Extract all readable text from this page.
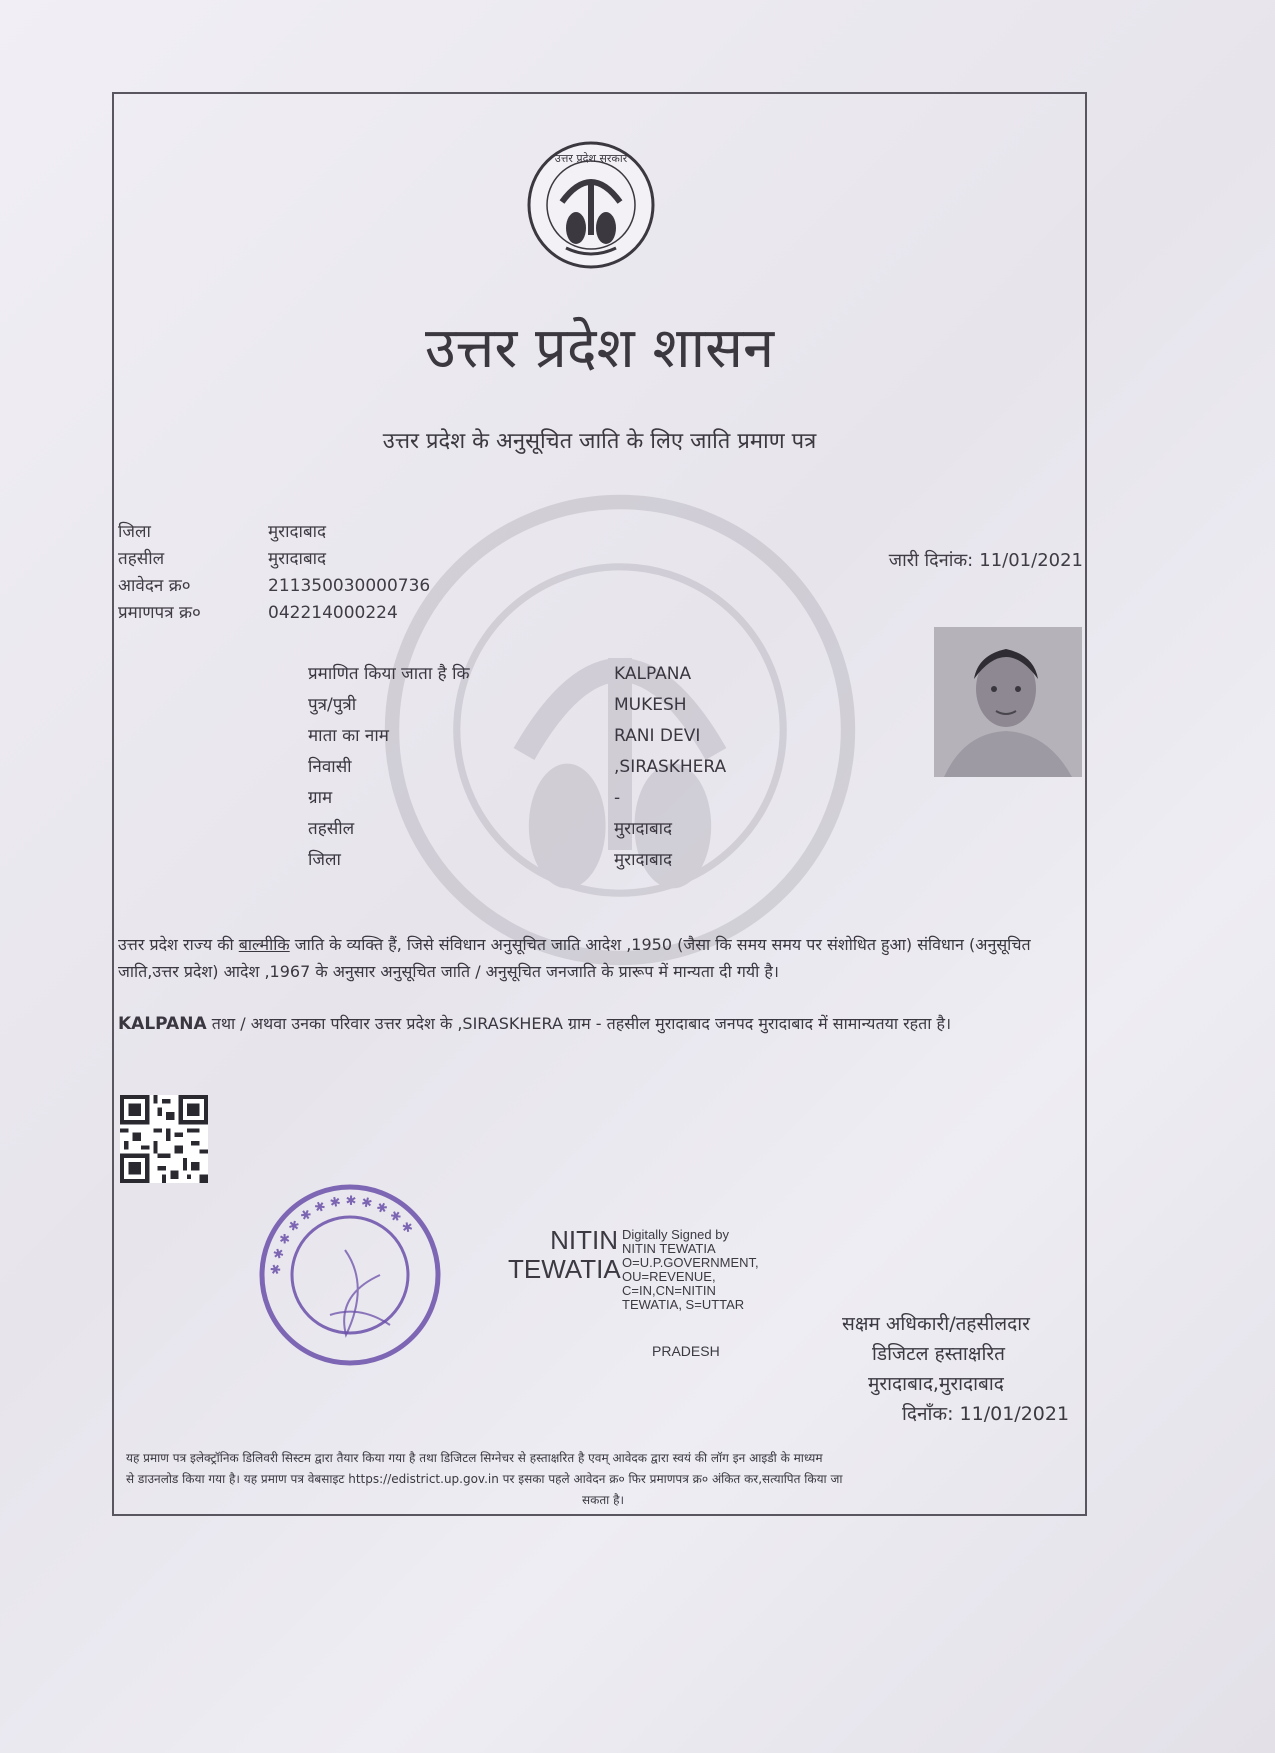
उत्तर प्रदेश सरकार
उत्तर प्रदेश शासन
उत्तर प्रदेश के अनुसूचित जाति के लिए जाति प्रमाण पत्र
जिला
तहसील
आवेदन क्र०
प्रमाणपत्र क्र०
मुरादाबाद
मुरादाबाद
211350030000736
042214000224
जारी दिनांक: 11/01/2021
प्रमाणित किया जाता है कि
पुत्र/पुत्री
माता का नाम
निवासी
ग्राम
तहसील
जिला
KALPANA
MUKESH
RANI DEVI
,SIRASKHERA
-
मुरादाबाद
मुरादाबाद
उत्तर प्रदेश राज्य की बाल्मीकि जाति के व्यक्ति हैं, जिसे संविधान अनुसूचित जाति आदेश ,1950 (जैसा कि समय समय पर संशोधित हुआ) संविधान (अनुसूचित जाति,उत्तर प्रदेश) आदेश ,1967 के अनुसार अनुसूचित जाति / अनुसूचित जनजाति के प्रारूप में मान्यता दी गयी है।
KALPANA तथा / अथवा उनका परिवार उत्तर प्रदेश के ,SIRASKHERA ग्राम - तहसील मुरादाबाद जनपद मुरादाबाद में सामान्यतया रहता है।
✱ ✱ ✱ ✱ ✱ ✱ ✱ ✱ ✱ ✱ ✱ ✱	NITIN
TEWATIA
Digitally Signed by
NITIN TEWATIA
O=U.P.GOVERNMENT,
OU=REVENUE,
C=IN,CN=NITIN
TEWATIA, S=UTTAR
PRADESH
सक्षम अधिकारी/तहसीलदार
डिजिटल हस्ताक्षरित
मुरादाबाद,मुरादाबाद
दिनाँक: 11/01/2021
यह प्रमाण पत्र इलेक्ट्रॉनिक डिलिवरी सिस्टम द्वारा तैयार किया गया है तथा डिजिटल सिग्नेचर से हस्ताक्षरित है एवम् आवेदक द्वारा स्वयं की लॉग इन आइडी के माध्यम
से डाउनलोड किया गया है। यह प्रमाण पत्र वेबसाइट https://edistrict.up.gov.in पर इसका पहले आवेदन क्र० फिर प्रमाणपत्र क्र० अंकित कर,सत्यापित किया जा
सकता है।
